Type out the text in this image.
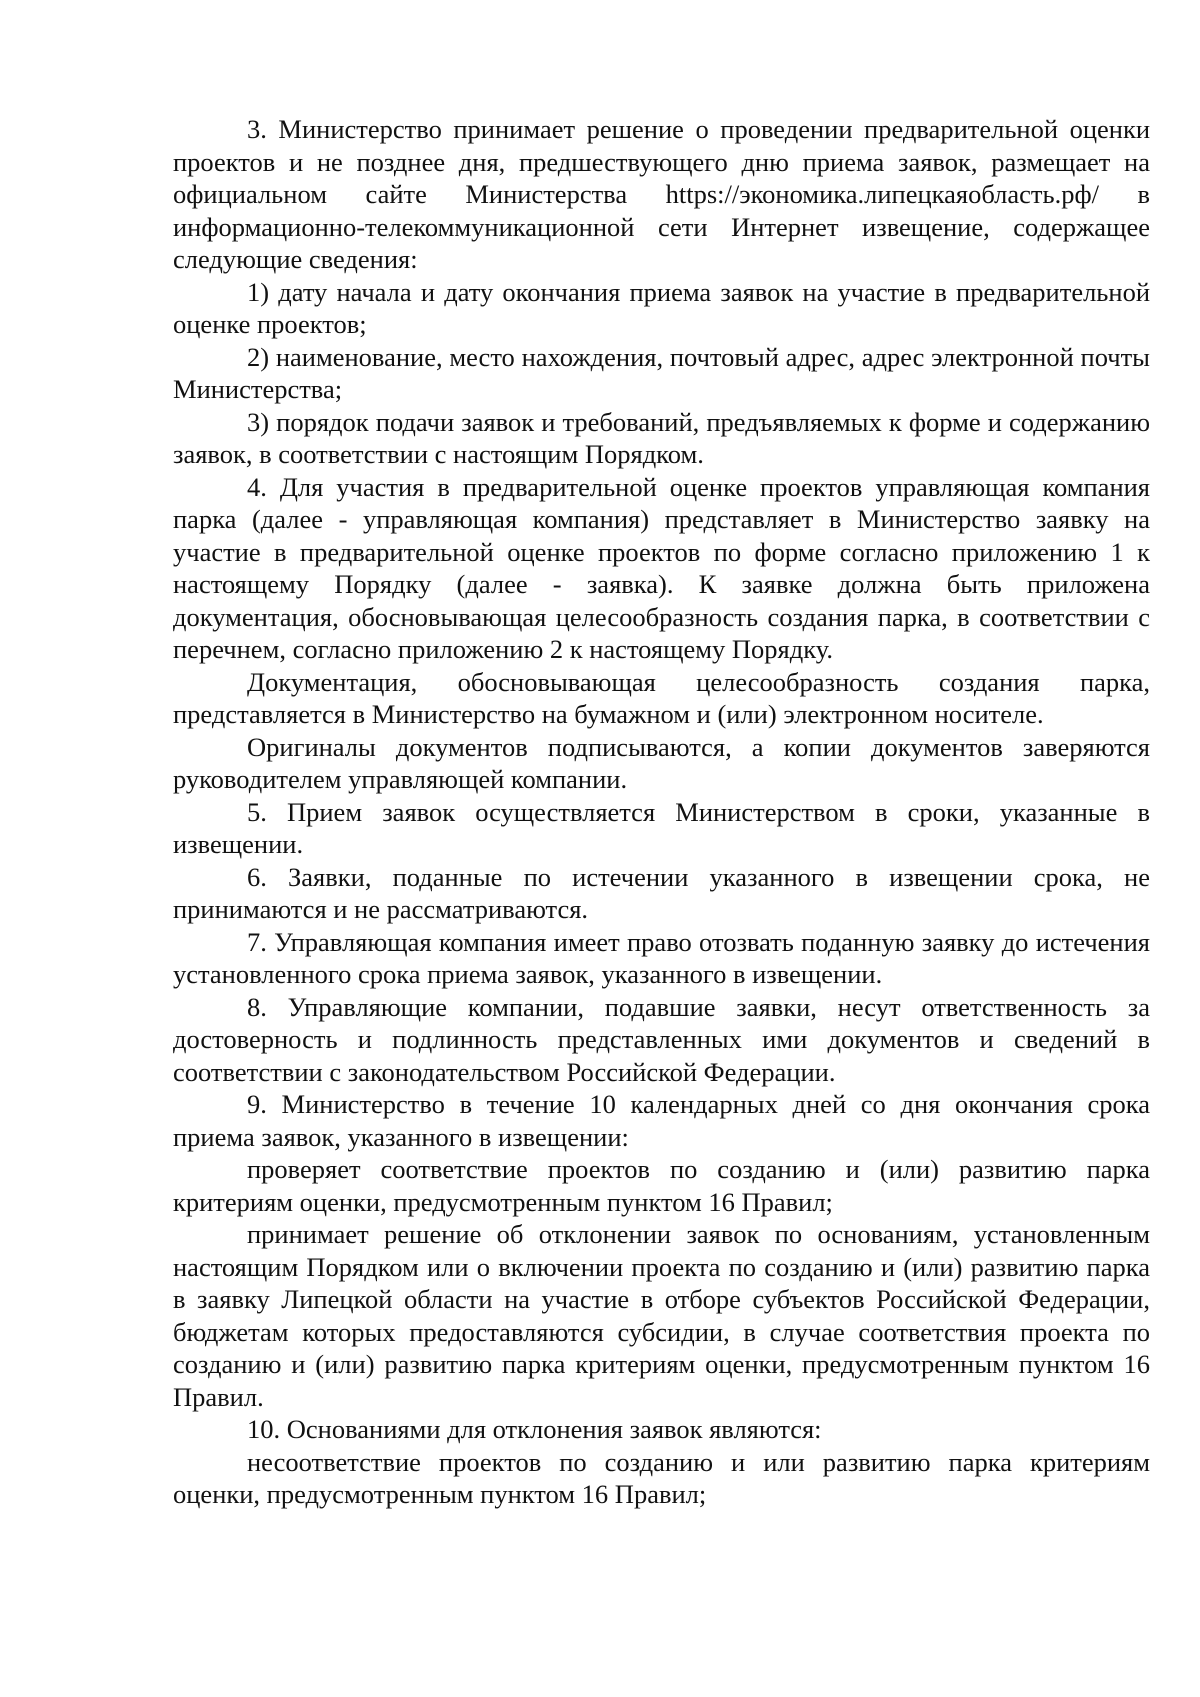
3. Министерство принимает решение о проведении предварительной оценки проектов и не позднее дня, предшествующего дню приема заявок, размещает на официальном сайте Министерства https://экономика.липецкаяобласть.рф/ в информационно-телекоммуникационной сети Интернет извещение, содержащее следующие сведения:

1) дату начала и дату окончания приема заявок на участие в предварительной оценке проектов;

2) наименование, место нахождения, почтовый адрес, адрес электронной почты Министерства;

3) порядок подачи заявок и требований, предъявляемых к форме и содержанию заявок, в соответствии с настоящим Порядком.

4. Для участия в предварительной оценке проектов управляющая компания парка (далее - управляющая компания) представляет в Министерство заявку на участие в предварительной оценке проектов по форме согласно приложению 1 к настоящему Порядку (далее - заявка). К заявке должна быть приложена документация, обосновывающая целесообразность создания парка, в соответствии с перечнем, согласно приложению 2 к настоящему Порядку.

Документация, обосновывающая целесообразность создания парка, представляется в Министерство на бумажном и (или) электронном носителе.

Оригиналы документов подписываются, а копии документов заверяются руководителем управляющей компании.

5. Прием заявок осуществляется Министерством в сроки, указанные в извещении.

6. Заявки, поданные по истечении указанного в извещении срока, не принимаются и не рассматриваются.

7. Управляющая компания имеет право отозвать поданную заявку до истечения установленного срока приема заявок, указанного в извещении.

8. Управляющие компании, подавшие заявки, несут ответственность за достоверность и подлинность представленных ими документов и сведений в соответствии с законодательством Российской Федерации.

9. Министерство в течение 10 календарных дней со дня окончания срока приема заявок, указанного в извещении:

проверяет соответствие проектов по созданию и (или) развитию парка критериям оценки, предусмотренным пунктом 16 Правил;

принимает решение об отклонении заявок по основаниям, установленным настоящим Порядком или о включении проекта по созданию и (или) развитию парка в заявку Липецкой области на участие в отборе субъектов Российской Федерации, бюджетам которых предоставляются субсидии, в случае соответствия проекта по созданию и (или) развитию парка критериям оценки, предусмотренным пунктом 16 Правил.

10. Основаниями для отклонения заявок являются:

несоответствие проектов по созданию и или развитию парка критериям оценки, предусмотренным пунктом 16 Правил;
